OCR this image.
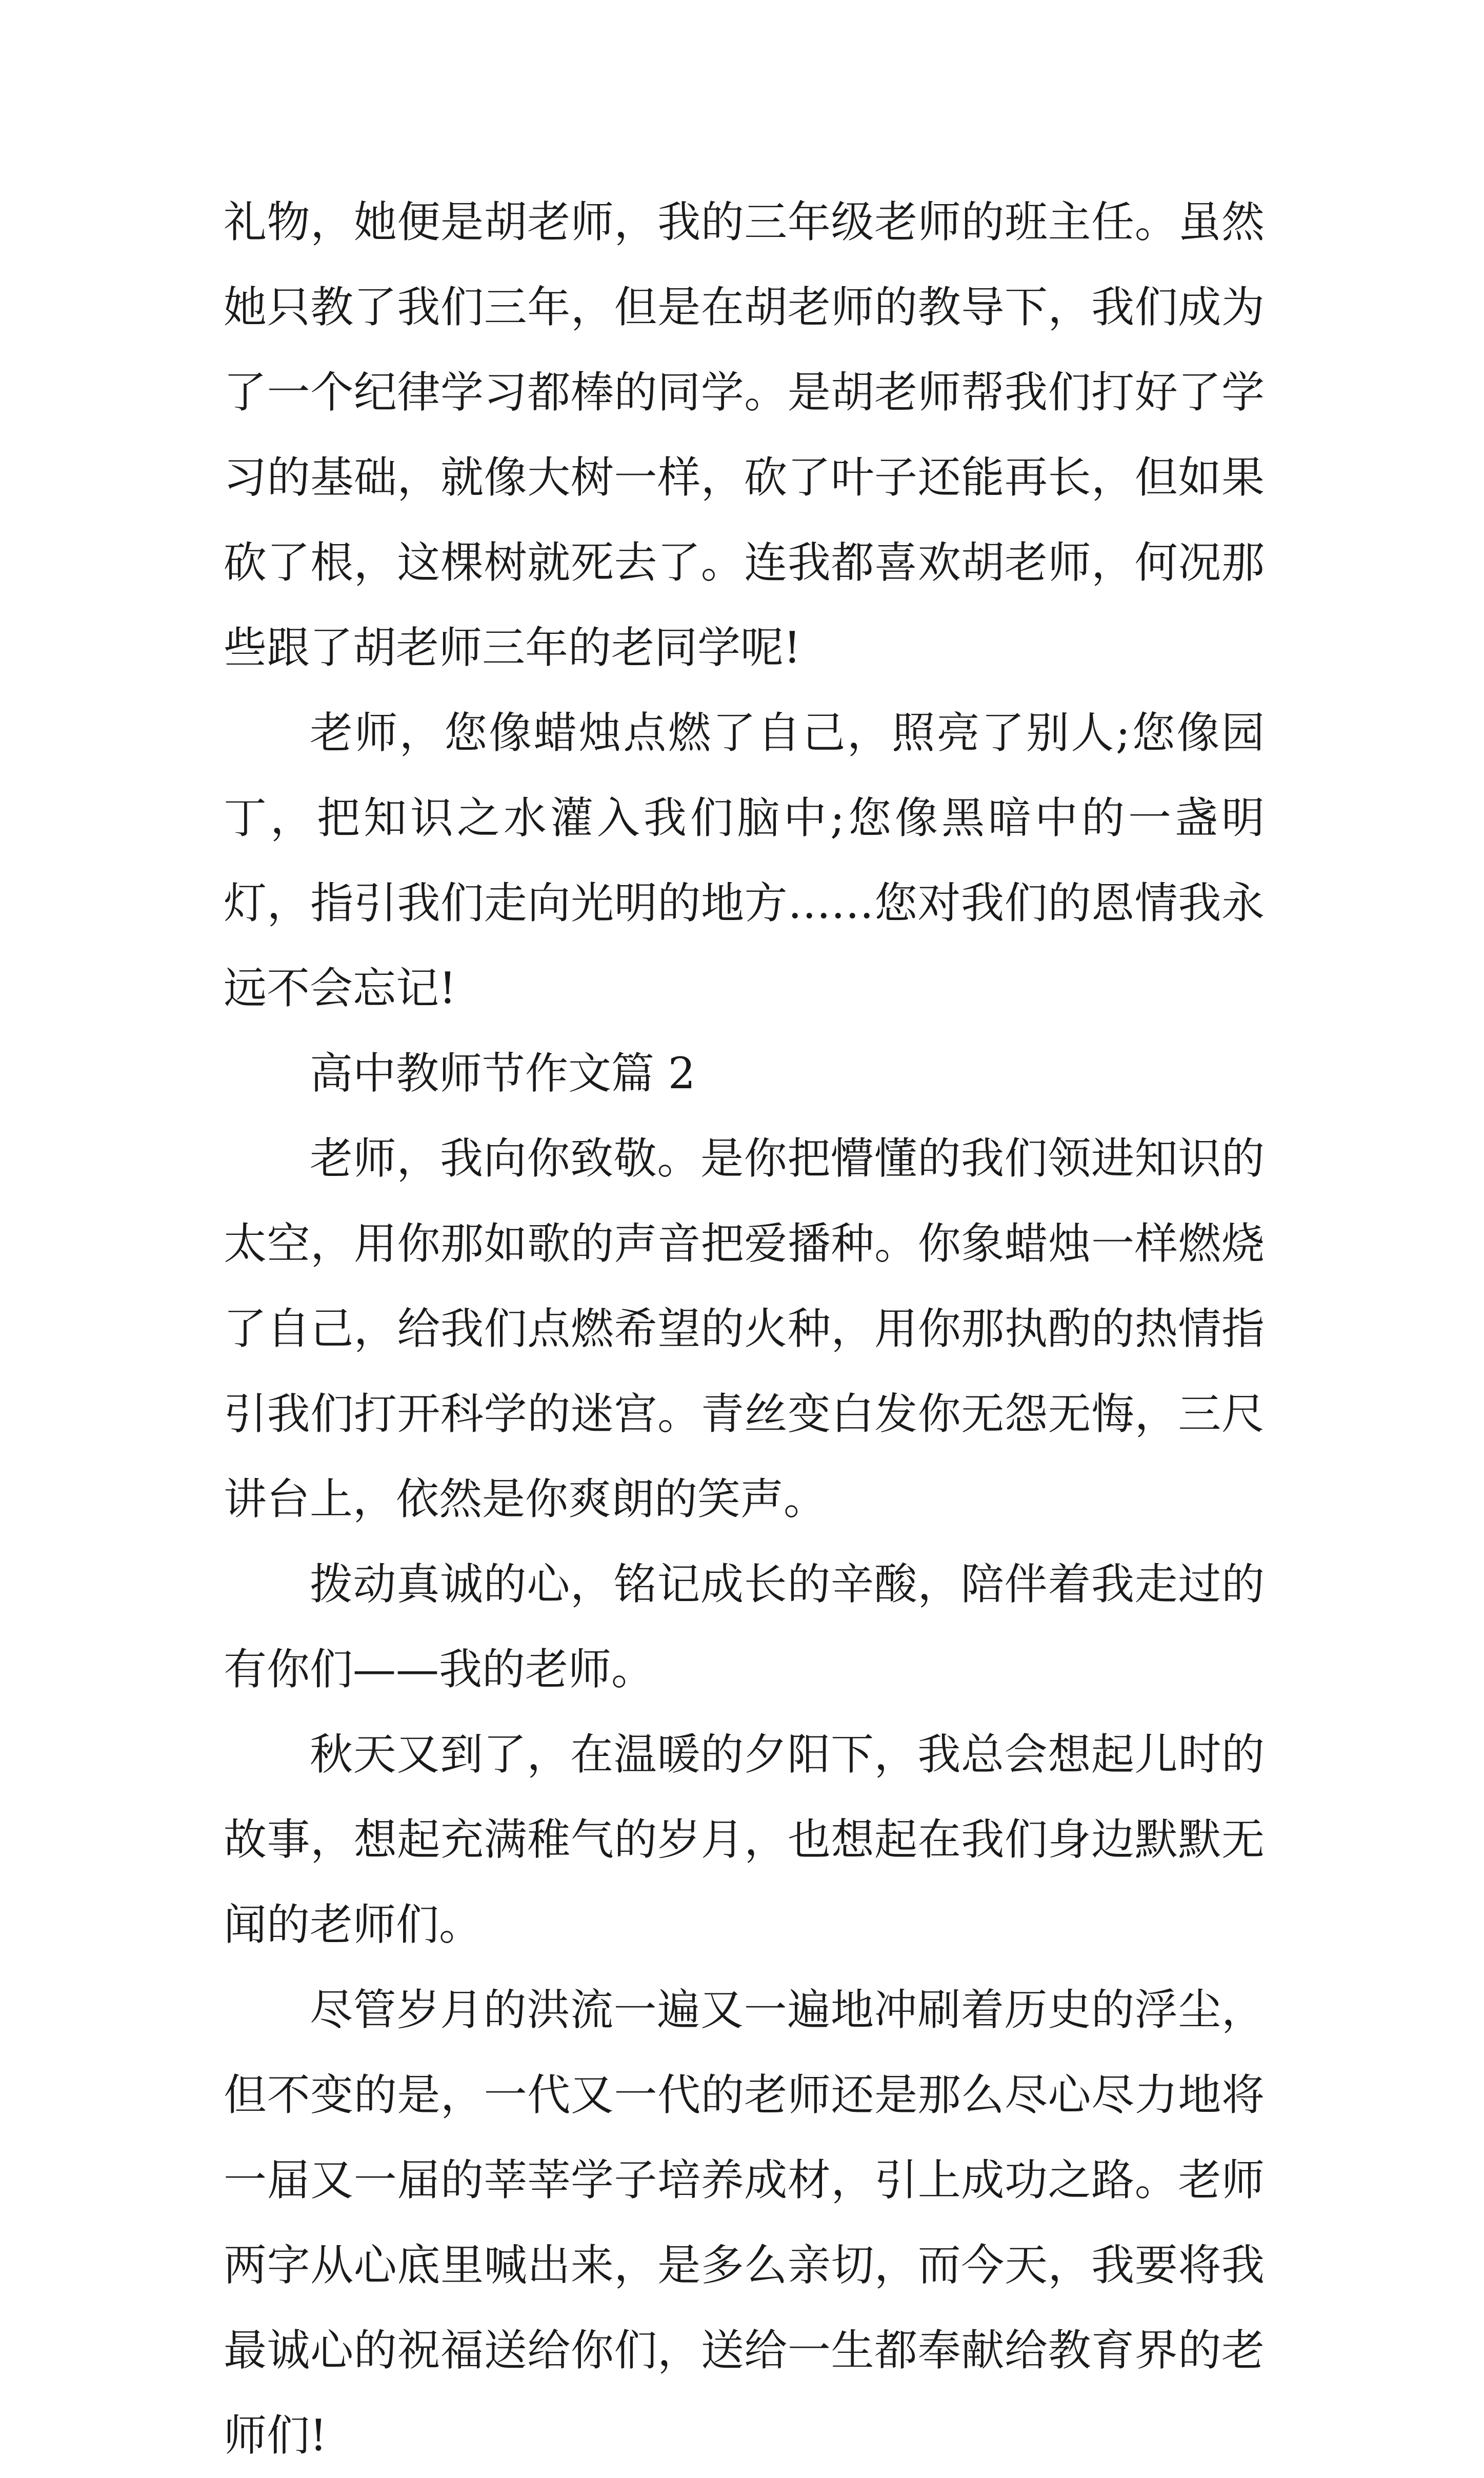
礼物，她便是胡老师，我的三年级老师的班主任。虽然她只教了我们三年，但是在胡老师的教导下，我们成为了一个纪律学习都棒的同学。是胡老师帮我们打好了学习的基础，就像大树一样，砍了叶子还能再长，但如果砍了根，这棵树就死去了。连我都喜欢胡老师，何况那些跟了胡老师三年的老同学呢!

老师，您像蜡烛点燃了自己，照亮了别人;您像园丁，把知识之水灌入我们脑中;您像黑暗中的一盏明灯，指引我们走向光明的地方……您对我们的恩情我永远不会忘记!

高中教师节作文篇 2

老师，我向你致敬。是你把懵懂的我们领进知识的太空，用你那如歌的声音把爱播种。你象蜡烛一样燃烧了自己，给我们点燃希望的火种，用你那执酌的热情指引我们打开科学的迷宫。青丝变白发你无怨无悔，三尺讲台上，依然是你爽朗的笑声。

拨动真诚的心，铭记成长的辛酸，陪伴着我走过的有你们——我的老师。

秋天又到了，在温暖的夕阳下，我总会想起儿时的故事，想起充满稚气的岁月，也想起在我们身边默默无闻的老师们。

尽管岁月的洪流一遍又一遍地冲刷着历史的浮尘，但不变的是，一代又一代的老师还是那么尽心尽力地将一届又一届的莘莘学子培养成材，引上成功之路。老师两字从心底里喊出来，是多么亲切，而今天，我要将我最诚心的祝福送给你们，送给一生都奉献给教育界的老师们!
